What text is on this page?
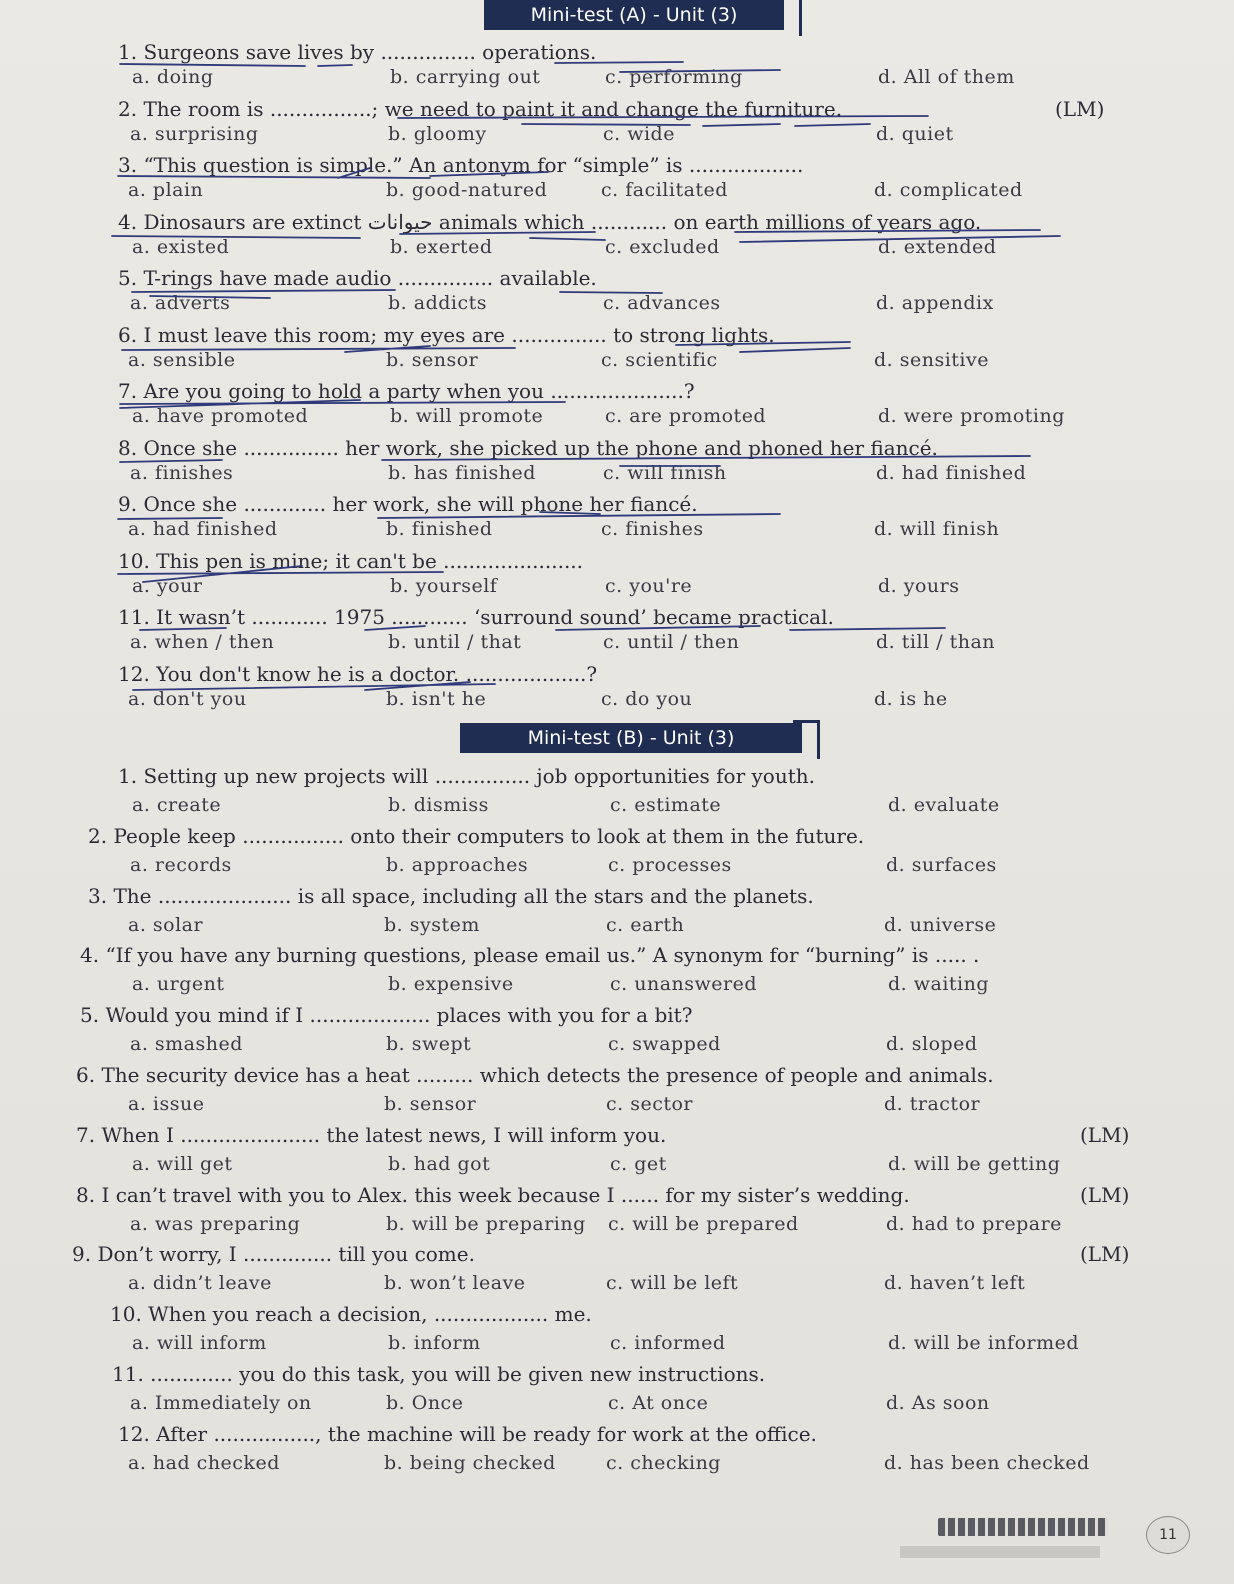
Mini-test (A) - Unit (3)
Mini-test (B) - Unit (3)
1. Surgeons save lives by ............... operations.
a. doing	b. carrying out	c. performing	d. All of them
2. The room is ................; we need to paint it and change the furniture.
a. surprising	b. gloomy	c. wide	d. quiet
(LM)
3. “This question is simple.” An antonym for “simple” is ..................
a. plain	b. good-natured	c. facilitated	d. complicated
4. Dinosaurs are extinct حيوانات animals which ............ on earth millions of years ago.
a. existed	b. exerted	c. excluded	d. extended
5. T-rings have made audio ............... available.
a. adverts	b. addicts	c. advances	d. appendix
6. I must leave this room; my eyes are ............... to strong lights.
a. sensible	b. sensor	c. scientific	d. sensitive
7. Are you going to hold a party when you .....................?
a. have promoted	b. will promote	c. are promoted	d. were promoting
8. Once she ............... her work, she picked up the phone and phoned her fiancé.
a. finishes	b. has finished	c. will finish	d. had finished
9. Once she ............. her work, she will phone her fiancé.
a. had finished	b. finished	c. finishes	d. will finish
10. This pen is mine; it can't be ......................
a. your	b. yourself	c. you're	d. yours
11. It wasn’t ............ 1975 ............ ‘surround sound’ became practical.
a. when / then	b. until / that	c. until / then	d. till / than
12. You don't know he is a doctor. ...................?
a. don't you	b. isn't he	c. do you	d. is he
1. Setting up new projects will ............... job opportunities for youth.
a. create	b. dismiss	c. estimate	d. evaluate
2. People keep ................ onto their computers to look at them in the future.
a. records	b. approaches	c. processes	d. surfaces
3. The ..................... is all space, including all the stars and the planets.
a. solar	b. system	c. earth	d. universe
4. “If you have any burning questions, please email us.” A synonym for “burning” is ..... .
a. urgent	b. expensive	c. unanswered	d. waiting
5. Would you mind if I ................... places with you for a bit?
a. smashed	b. swept	c. swapped	d. sloped
6. The security device has a heat ......... which detects the presence of people and animals.
a. issue	b. sensor	c. sector	d. tractor
7. When I ...................... the latest news, I will inform you.
a. will get	b. had got	c. get	d. will be getting
(LM)
8. I can’t travel with you to Alex. this week because I ...... for my sister’s wedding.
a. was preparing	b. will be preparing c. will be prepared	d. had to prepare
(LM)
9. Don’t worry, I .............. till you come.
a. didn’t leave	b. won’t leave	c. will be left	d. haven’t left
(LM)
10. When you reach a decision, .................. me.
a. will inform	b. inform	c. informed	d. will be informed
11. ............. you do this task, you will be given new instructions.
a. Immediately on	b. Once	c. At once	d. As soon
12. After ................, the machine will be ready for work at the office.
a. had checked	b. being checked	c. checking	d. has been checked
11
